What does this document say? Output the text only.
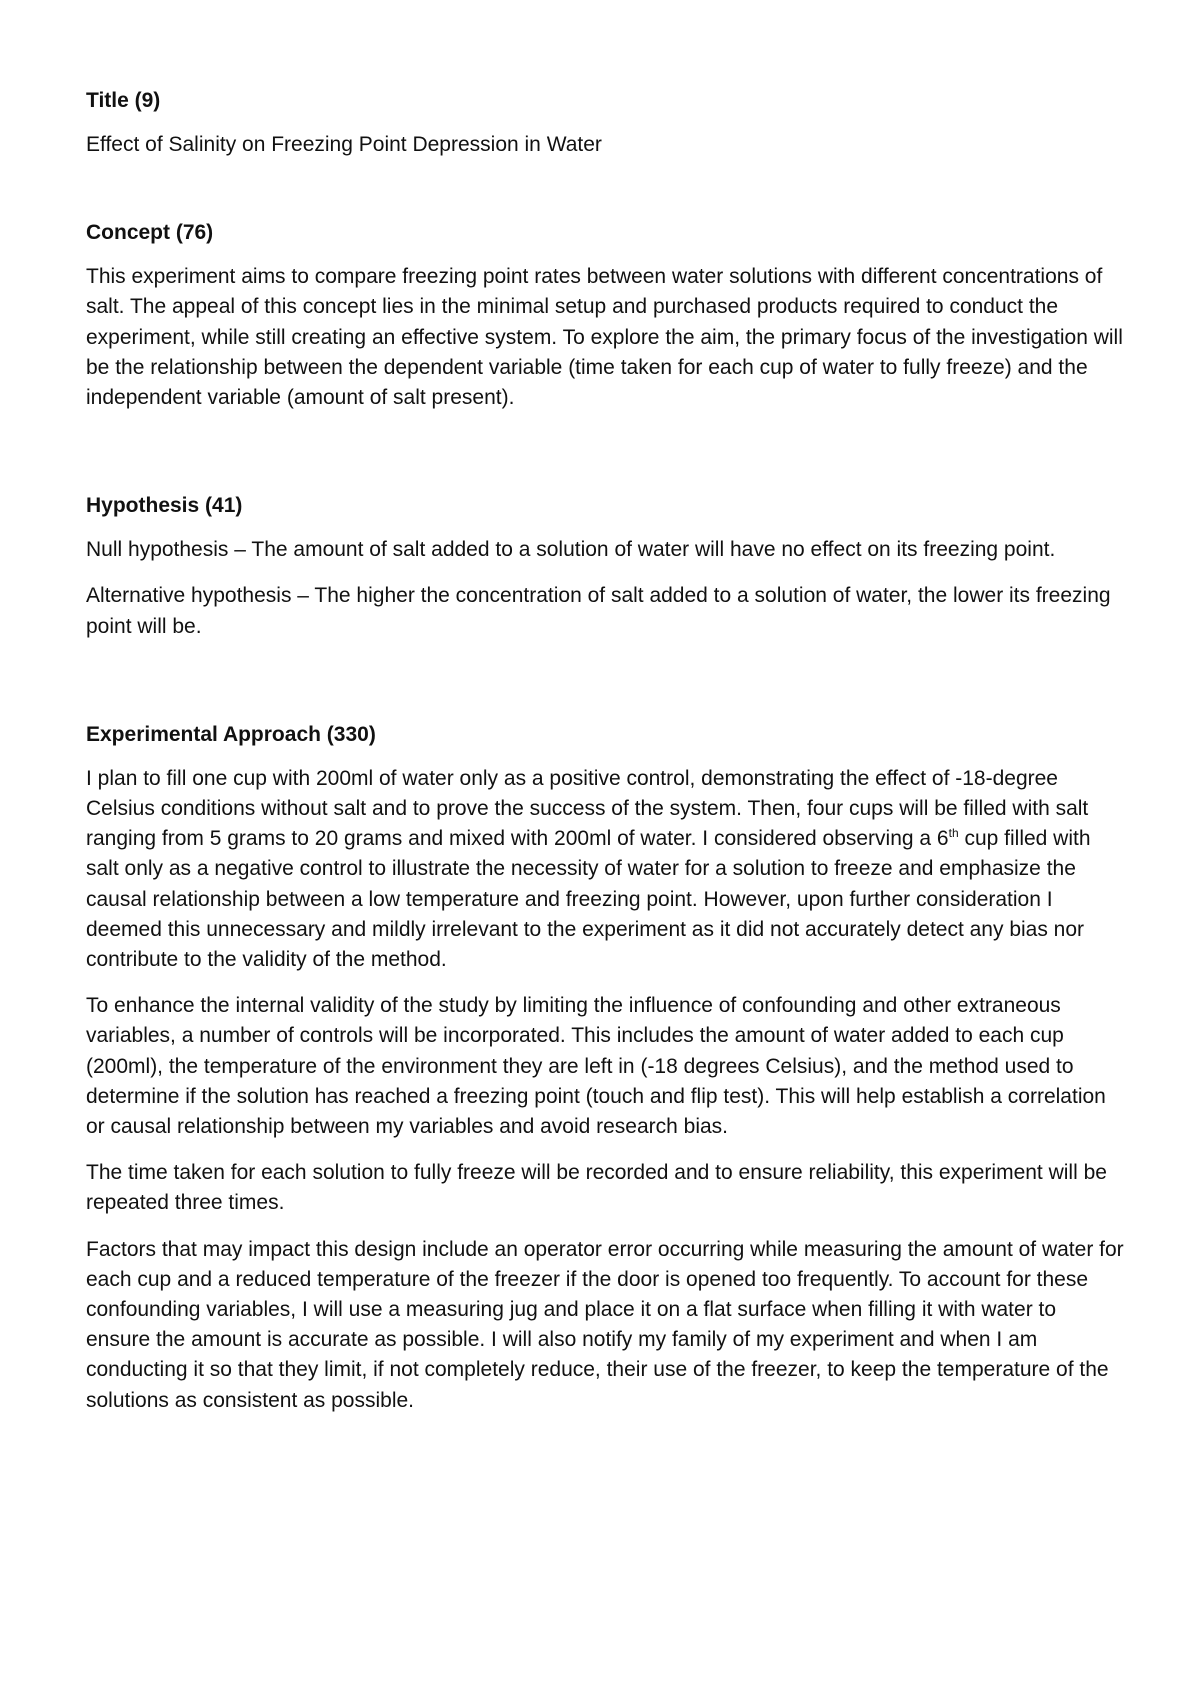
Title (9)
Effect of Salinity on Freezing Point Depression in Water
Concept (76)
This experiment aims to compare freezing point rates between water solutions with different concentrations of salt. The appeal of this concept lies in the minimal setup and purchased products required to conduct the experiment, while still creating an effective system. To explore the aim, the primary focus of the investigation will be the relationship between the dependent variable (time taken for each cup of water to fully freeze) and the independent variable (amount of salt present).
Hypothesis (41)
Null hypothesis – The amount of salt added to a solution of water will have no effect on its freezing point.
Alternative hypothesis – The higher the concentration of salt added to a solution of water, the lower its freezing point will be.
Experimental Approach (330)
I plan to fill one cup with 200ml of water only as a positive control, demonstrating the effect of -18-degree Celsius conditions without salt and to prove the success of the system. Then, four cups will be filled with salt ranging from 5 grams to 20 grams and mixed with 200ml of water. I considered observing a 6th cup filled with salt only as a negative control to illustrate the necessity of water for a solution to freeze and emphasize the causal relationship between a low temperature and freezing point. However, upon further consideration I deemed this unnecessary and mildly irrelevant to the experiment as it did not accurately detect any bias nor contribute to the validity of the method.
To enhance the internal validity of the study by limiting the influence of confounding and other extraneous variables, a number of controls will be incorporated. This includes the amount of water added to each cup (200ml), the temperature of the environment they are left in (-18 degrees Celsius), and the method used to determine if the solution has reached a freezing point (touch and flip test). This will help establish a correlation or causal relationship between my variables and avoid research bias.
The time taken for each solution to fully freeze will be recorded and to ensure reliability, this experiment will be repeated three times.
Factors that may impact this design include an operator error occurring while measuring the amount of water for each cup and a reduced temperature of the freezer if the door is opened too frequently. To account for these confounding variables, I will use a measuring jug and place it on a flat surface when filling it with water to ensure the amount is accurate as possible. I will also notify my family of my experiment and when I am conducting it so that they limit, if not completely reduce, their use of the freezer, to keep the temperature of the solutions as consistent as possible.
